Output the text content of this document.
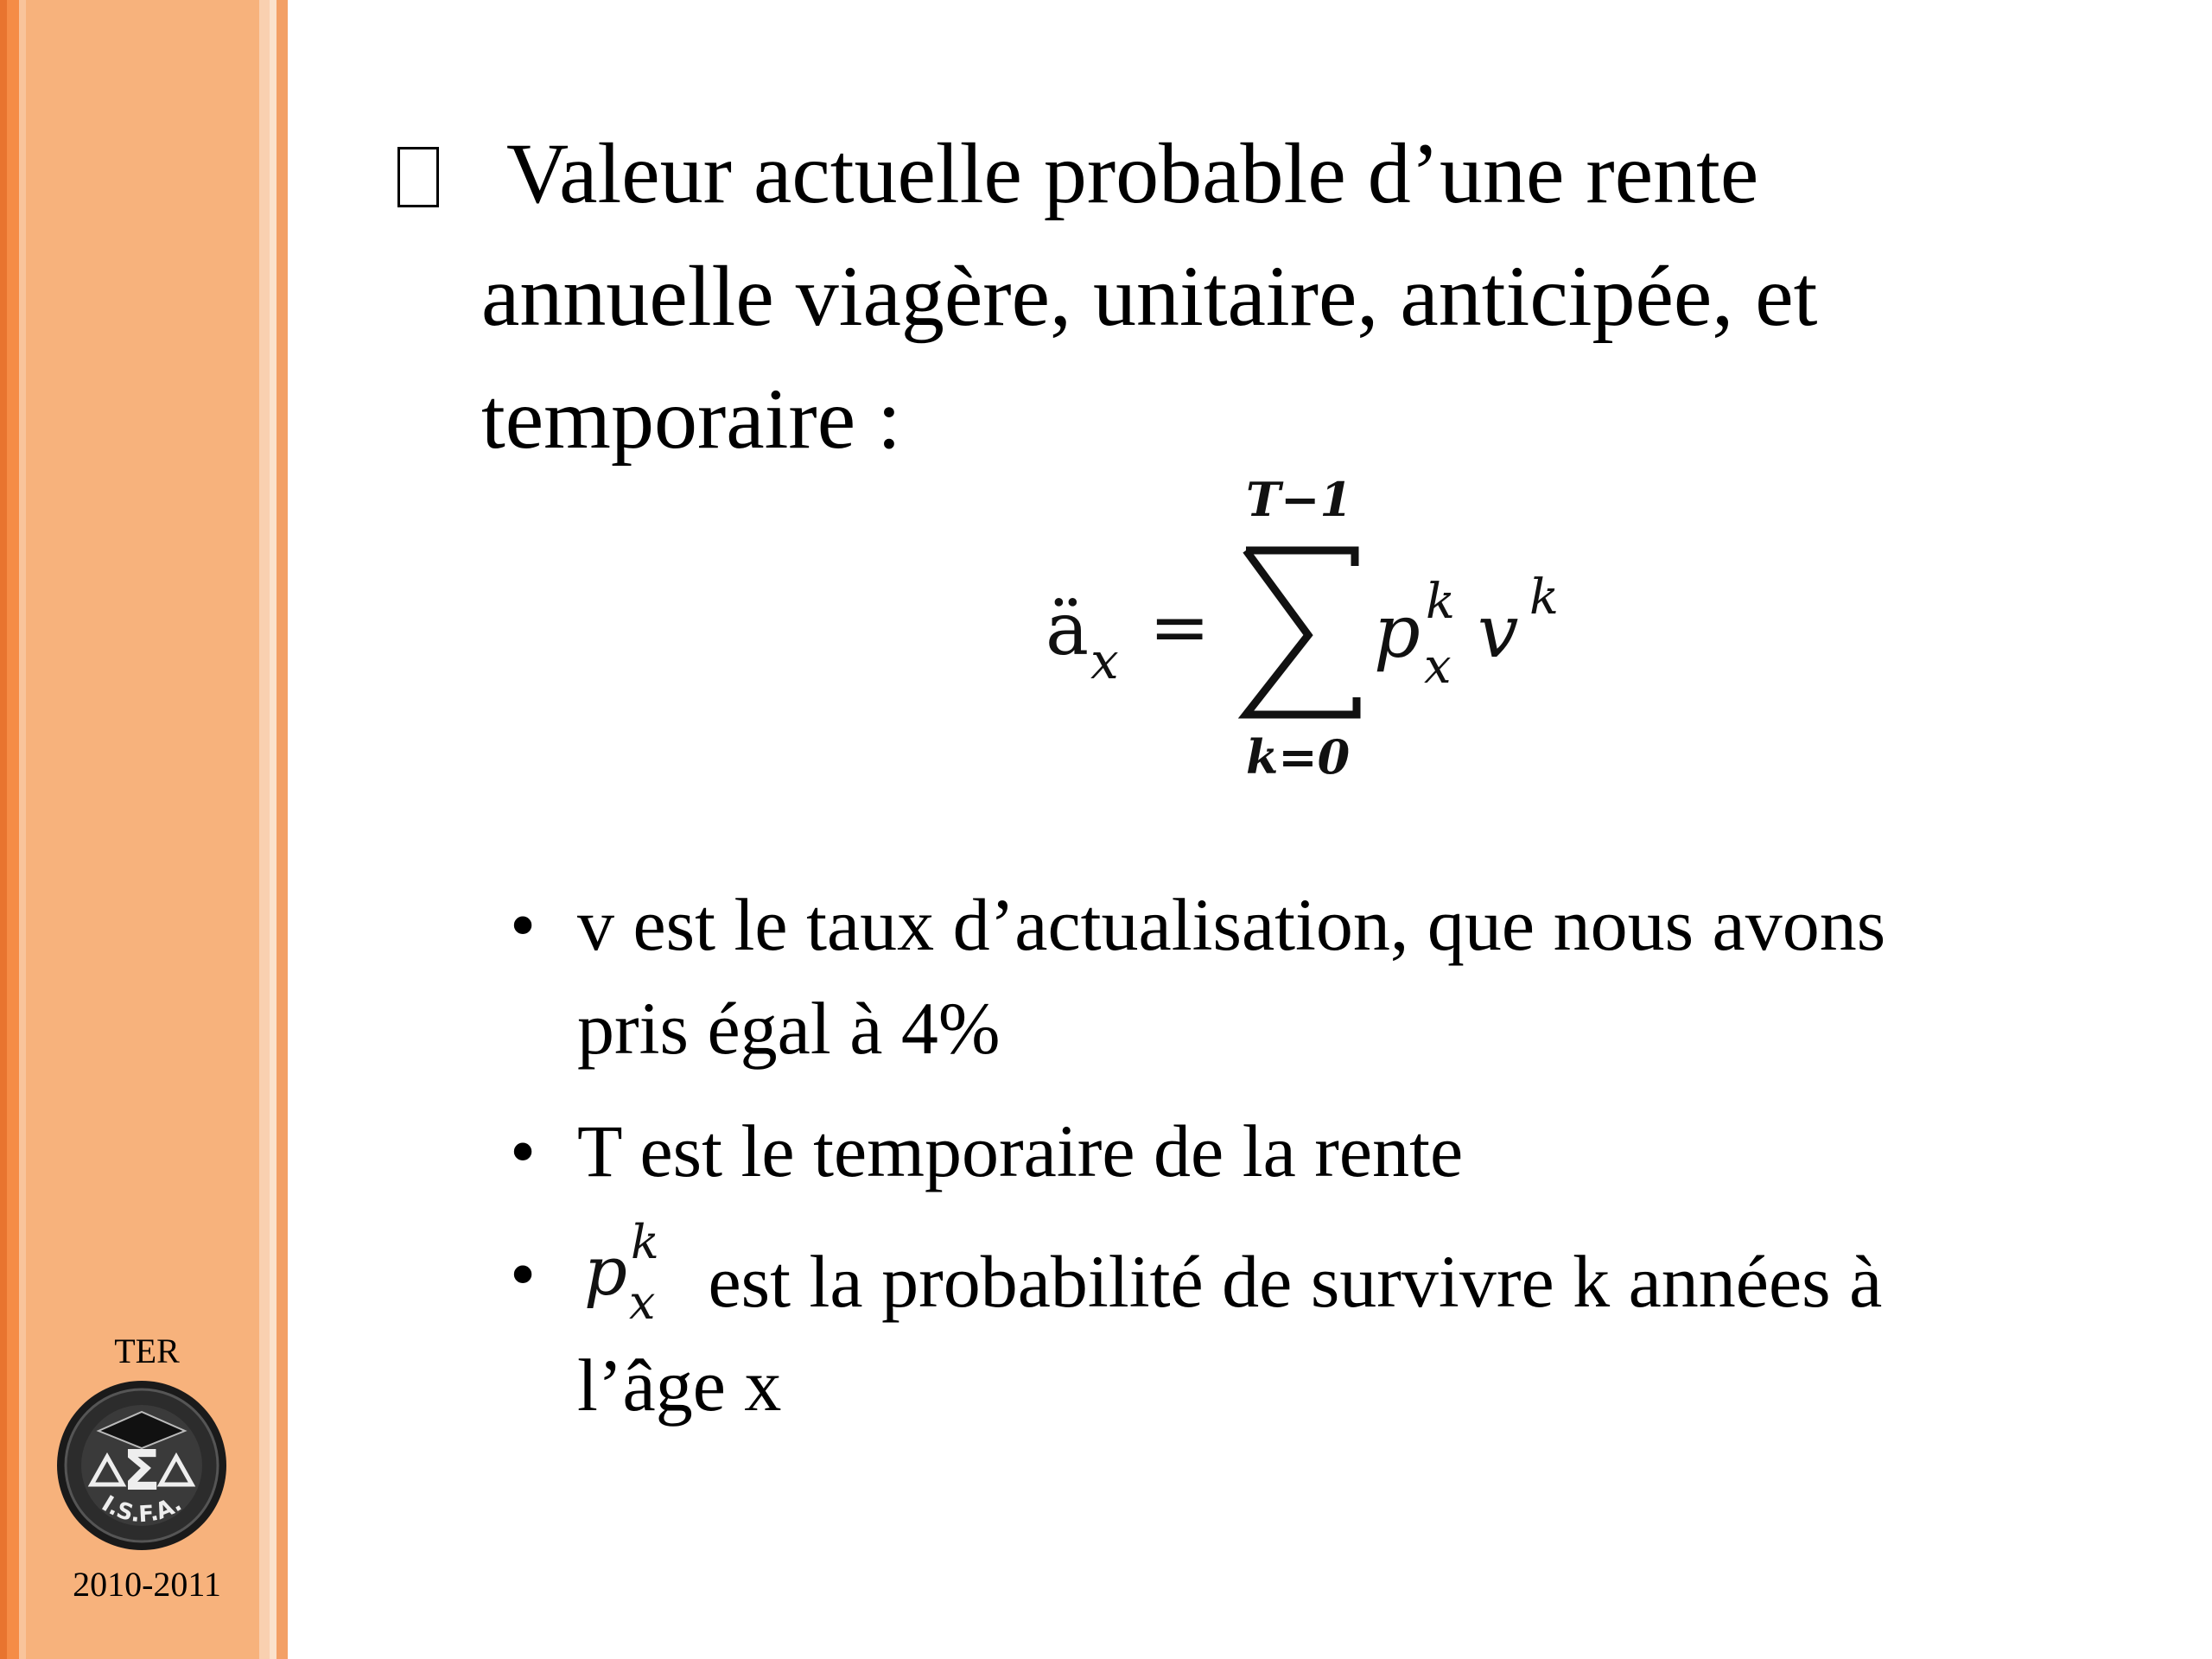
TER
Σ
I.S.F.A.
2010-2011
Valeur actuelle probable d’une rente
annuelle viagère, unitaire, anticipée, et
temporaire :
ä x =
T−1
k=0
p k
x v k
• v est le taux d’actualisation, que nous avons
pris égal à 4%
• T est le temporaire de la rente
• p k
x est la probabilité de survivre k années à
l’âge x
